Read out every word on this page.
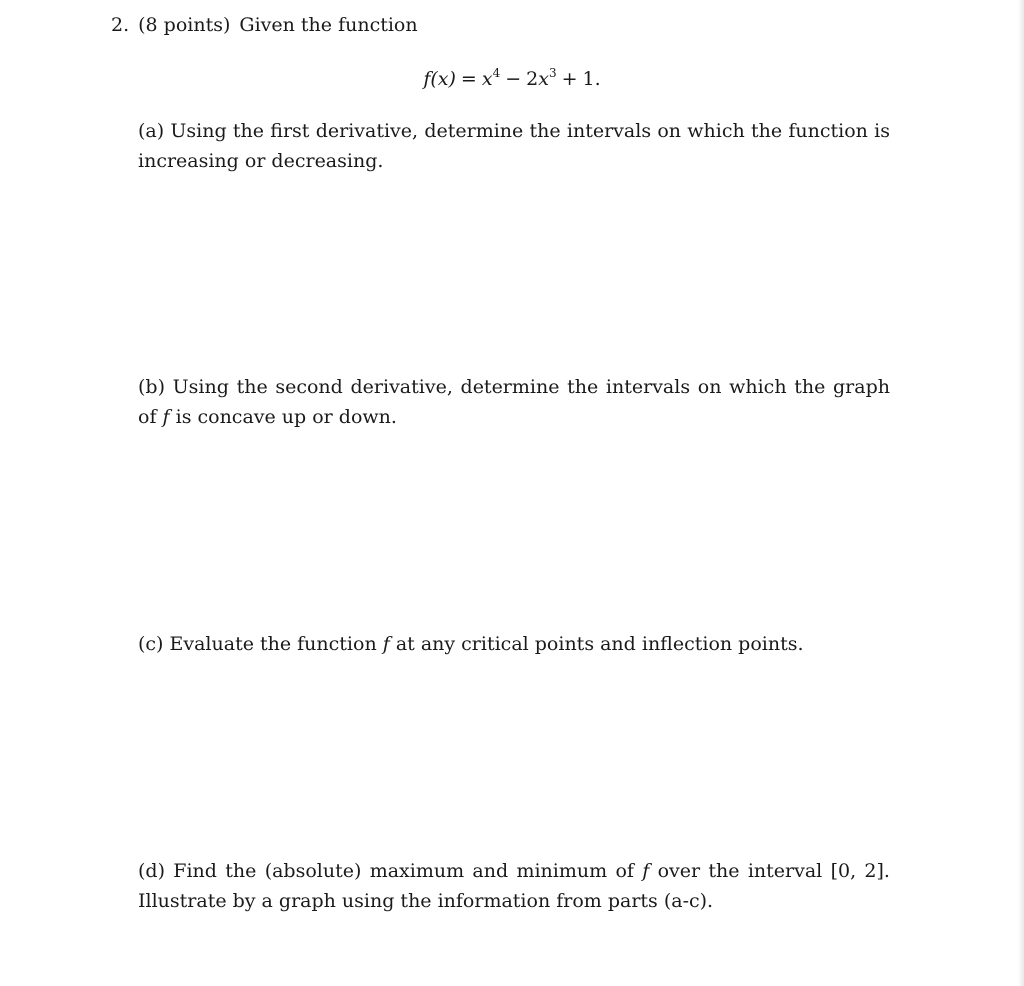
2. (8 points) Given the function
$f(x) = x^4 - 2x^3 + 1$.
(a) Using the first derivative, determine the intervals on which the function is increasing or decreasing.
(b) Using the second derivative, determine the intervals on which the graph of f is concave up or down.
(c) Evaluate the function f at any critical points and inflection points.
(d) Find the (absolute) maximum and minimum of f over the interval [0, 2]. Illustrate by a graph using the information from parts (a-c).
